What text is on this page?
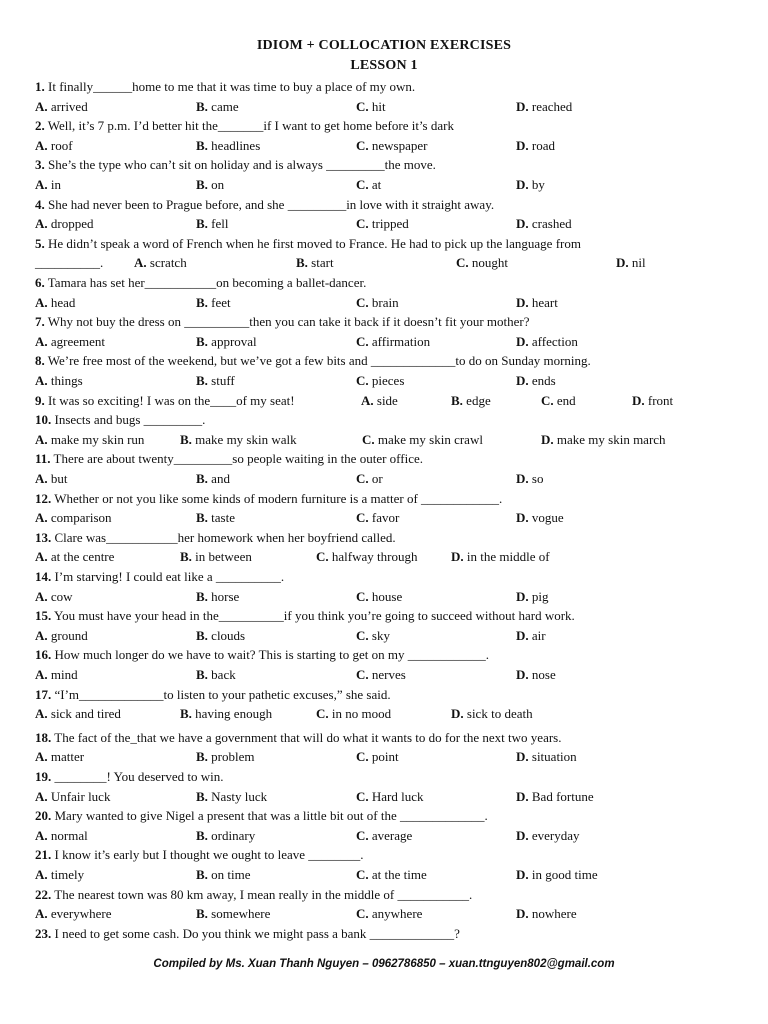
IDIOM + COLLOCATION EXERCISES
LESSON 1
1. It finally______home to me that it was time to buy a place of my own.
A. arrived	B. came	C. hit	D. reached
2. Well, it’s 7 p.m. I’d better hit the_______if I want to get home before it’s dark
A. roof	B. headlines	C. newspaper	D. road
3. She’s the type who can’t sit on holiday and is always _________the move.
A. in	B. on	C. at	D. by
4. She had never been to Prague before, and she _________in love with it straight away.
A. dropped	B. fell	C. tripped	D. crashed
5. He didn’t speak a word of French when he first moved to France. He had to pick up the language from
__________. A. scratch	B. start	C. nought	D. nil
6. Tamara has set her___________on becoming a ballet-dancer.
A. head	B. feet	C. brain	D. heart
7. Why not buy the dress on __________then you can take it back if it doesn’t fit your mother?
A. agreement	B. approval	C. affirmation	D. affection
8. We’re free most of the weekend, but we’ve got a few bits and _____________to do on Sunday morning.
A. things	B. stuff	C. pieces	D. ends
9. It was so exciting! I was on the____of my seat!	A. side	B. edge	C. end	D. front
10. Insects and bugs _________.
A. make my skin run	B. make my skin walk	C. make my skin crawl	D. make my skin march
11. There are about twenty_________so people waiting in the outer office.
A. but	B. and	C. or	D. so
12. Whether or not you like some kinds of modern furniture is a matter of ____________.
A. comparison	B. taste	C. favor	D. vogue
13. Clare was___________her homework when her boyfriend called.
A. at the centre	B. in between	C. halfway through	D. in the middle of
14. I’m starving! I could eat like a __________.
A. cow	B. horse	C. house	D. pig
15. You must have your head in the__________if you think you’re going to succeed without hard work.
A. ground	B. clouds	C. sky	D. air
16. How much longer do we have to wait? This is starting to get on my ____________.
A. mind	B. back	C. nerves	D. nose
17. “I’m_____________to listen to your pathetic excuses,” she said.
A. sick and tired	B. having enough	C. in no mood	D. sick to death
18. The fact of the_that we have a government that will do what it wants to do for the next two years.
A. matter	B. problem	C. point	D. situation
19. ________! You deserved to win.
A. Unfair luck	B. Nasty luck	C. Hard luck	D. Bad fortune
20. Mary wanted to give Nigel a present that was a little bit out of the _____________.
A. normal	B. ordinary	C. average	D. everyday
21. I know it’s early but I thought we ought to leave ________.
A. timely	B. on time	C. at the time	D. in good time
22. The nearest town was 80 km away, I mean really in the middle of ___________.
A. everywhere	B. somewhere	C. anywhere	D. nowhere
23. I need to get some cash. Do you think we might pass a bank _____________?
Compiled by Ms. Xuan Thanh Nguyen – 0962786850 – xuan.ttnguyen802@gmail.com
